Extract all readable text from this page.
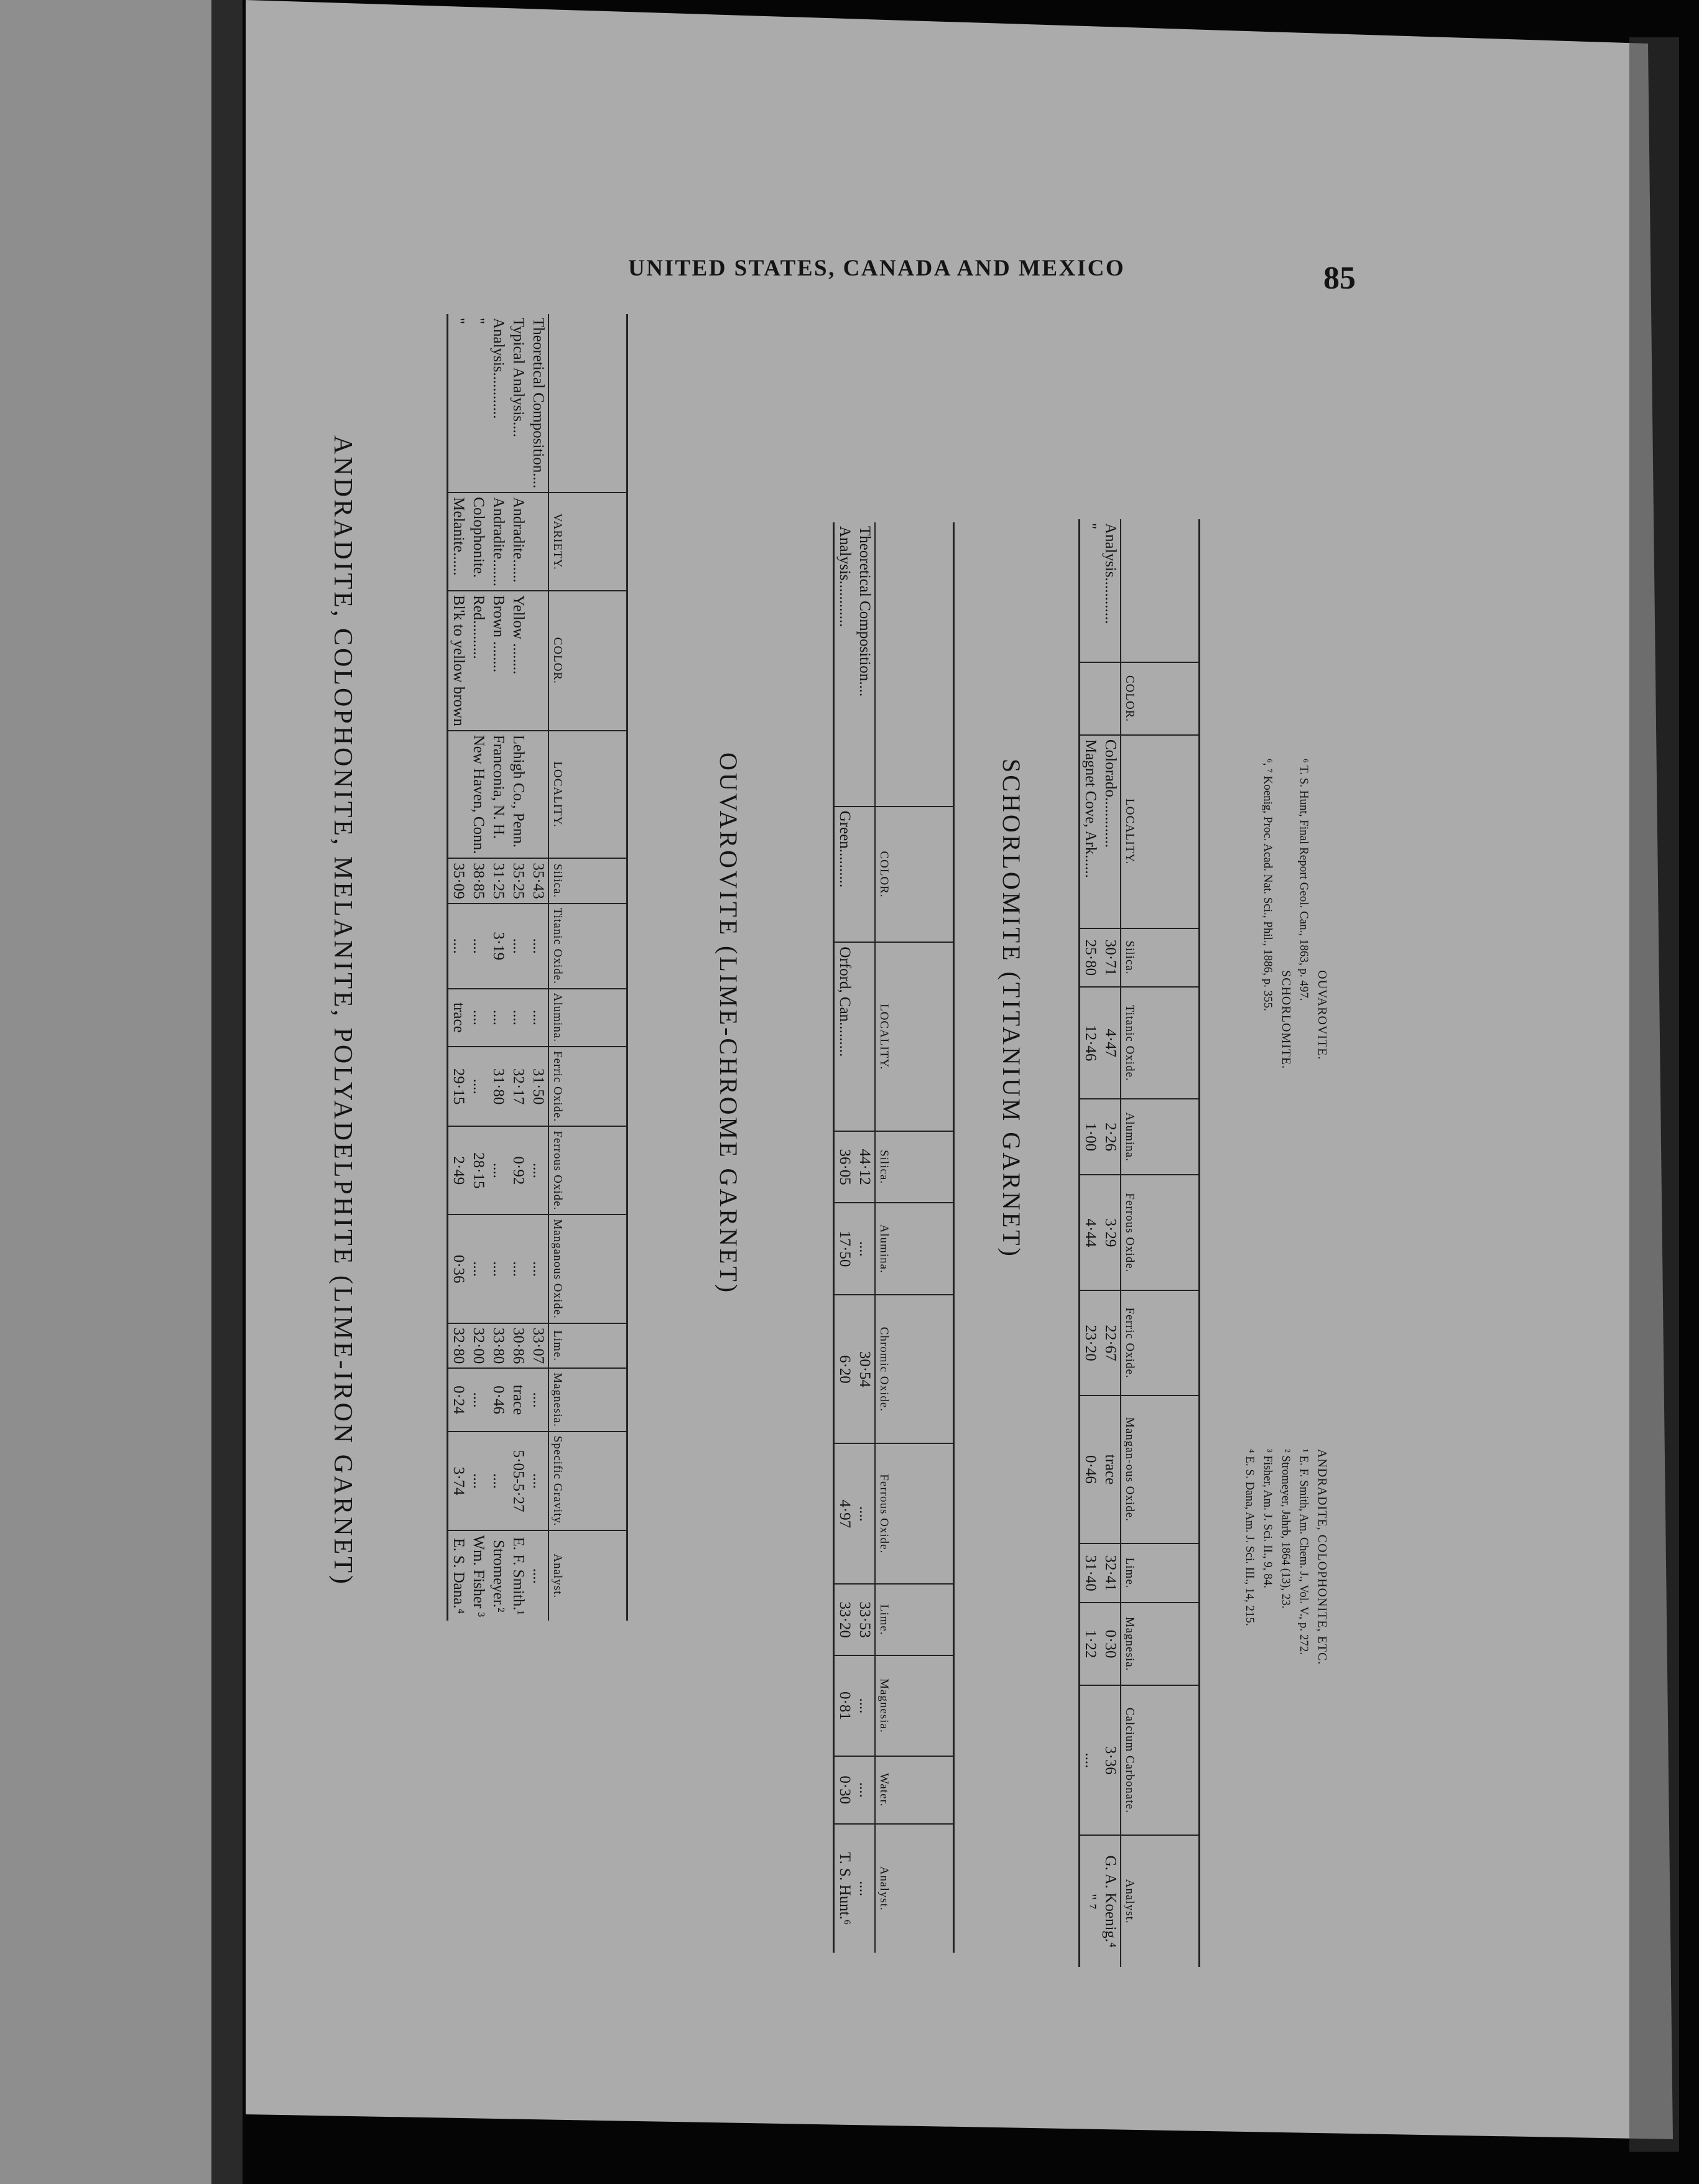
UNITED STATES, CANADA AND MEXICO	85
ANDRADITE, COLOPHONITE, MELANITE, POLYADELPHITE (LIME-IRON GARNET)
		VARIETY.	COLOR.	LOCALITY.	Silica.	Titanic Oxide.	Alumina.	Ferric Oxide.	Ferrous Oxide.	Manganous Oxide.	Lime.	Magnesia.	Specific Gravity.	Analyst.
Theoretical Composition....				35·43	....	....	31·50	....	....	33·07	....	....	....
Typical Analysis....	Andradite......	Yellow ........	Lehigh Co., Penn.	35·25	....	....	32·17	0·92	....	30·86	trace	5·05-5·27	E. F. Smith.¹
Analysis............	Andradite.......	Brown ........	Franconia, N. H.	31·25	3·19	....	31·80	....	....	33·80	0·46	....	Stromeyer.²
"	Colophonite.	Red..........	New Haven, Conn.	38·85	....	....	....	28·15	....	32·00	....	....	Wm. Fisher ³
"	Melanite......	Bl'k to yellow brown		35·09	....	trace	29·15	2·49	0·36	32·80	0·24	3·74	E. S. Dana.⁴
OUVAROVITE (LIME-CHROME GARNET)
		COLOR.	LOCALITY.	Silica.	Alumina.	Chromic Oxide.	Ferrous Oxide.	Lime.	Magnesia.	Water.	Analyst.
Theoretical Composition....			44·12	....	30·54	....	33·53	....	....	....
Analysis............	Green..........	Orford, Can.........	36·05	17·50	6·20	4·97	33·20	0·81	0·30	T. S. Hunt.⁶
SCHORLOMITE (TITANIUM GARNET)
	COLOR.	LOCALITY.	Silica.	Titanic Oxide.	Alumina.	Ferrous Oxide.	Ferric Oxide.	Mangan-ous Oxide.	Lime.	Magnesia.	Calcium Carbonate.	Analyst.
Analysis............		Colorado.............	30·71	4·47	2·26	3·29	22·67	trace	32·41	0·30	3·36	G. A. Koenig.⁴
"		Magnet Cove, Ark......	25·80	12·46	1·00	4·44	23·20	0·46	31·40	1·22	....	" ⁷
ANDRADITE, COLOPHONITE, ETC.
¹ E. F. Smith, Am. Chem. J., Vol. V., p. 272.
² Stromeyer, Jahrb, 1864 (13), 23.
³ Fisher, Am. J. Sci. II., 9, 84.
⁴ E. S. Dana, Am. J. Sci. III., 14, 215.
OUVAROVITE.
⁶ T. S. Hunt, Final Report Geol. Can., 1863, p. 497.
SCHORLOMITE.
⁶, ⁷ Koenig, Proc. Acad. Nat. Sci., Phil., 1886, p. 355.
